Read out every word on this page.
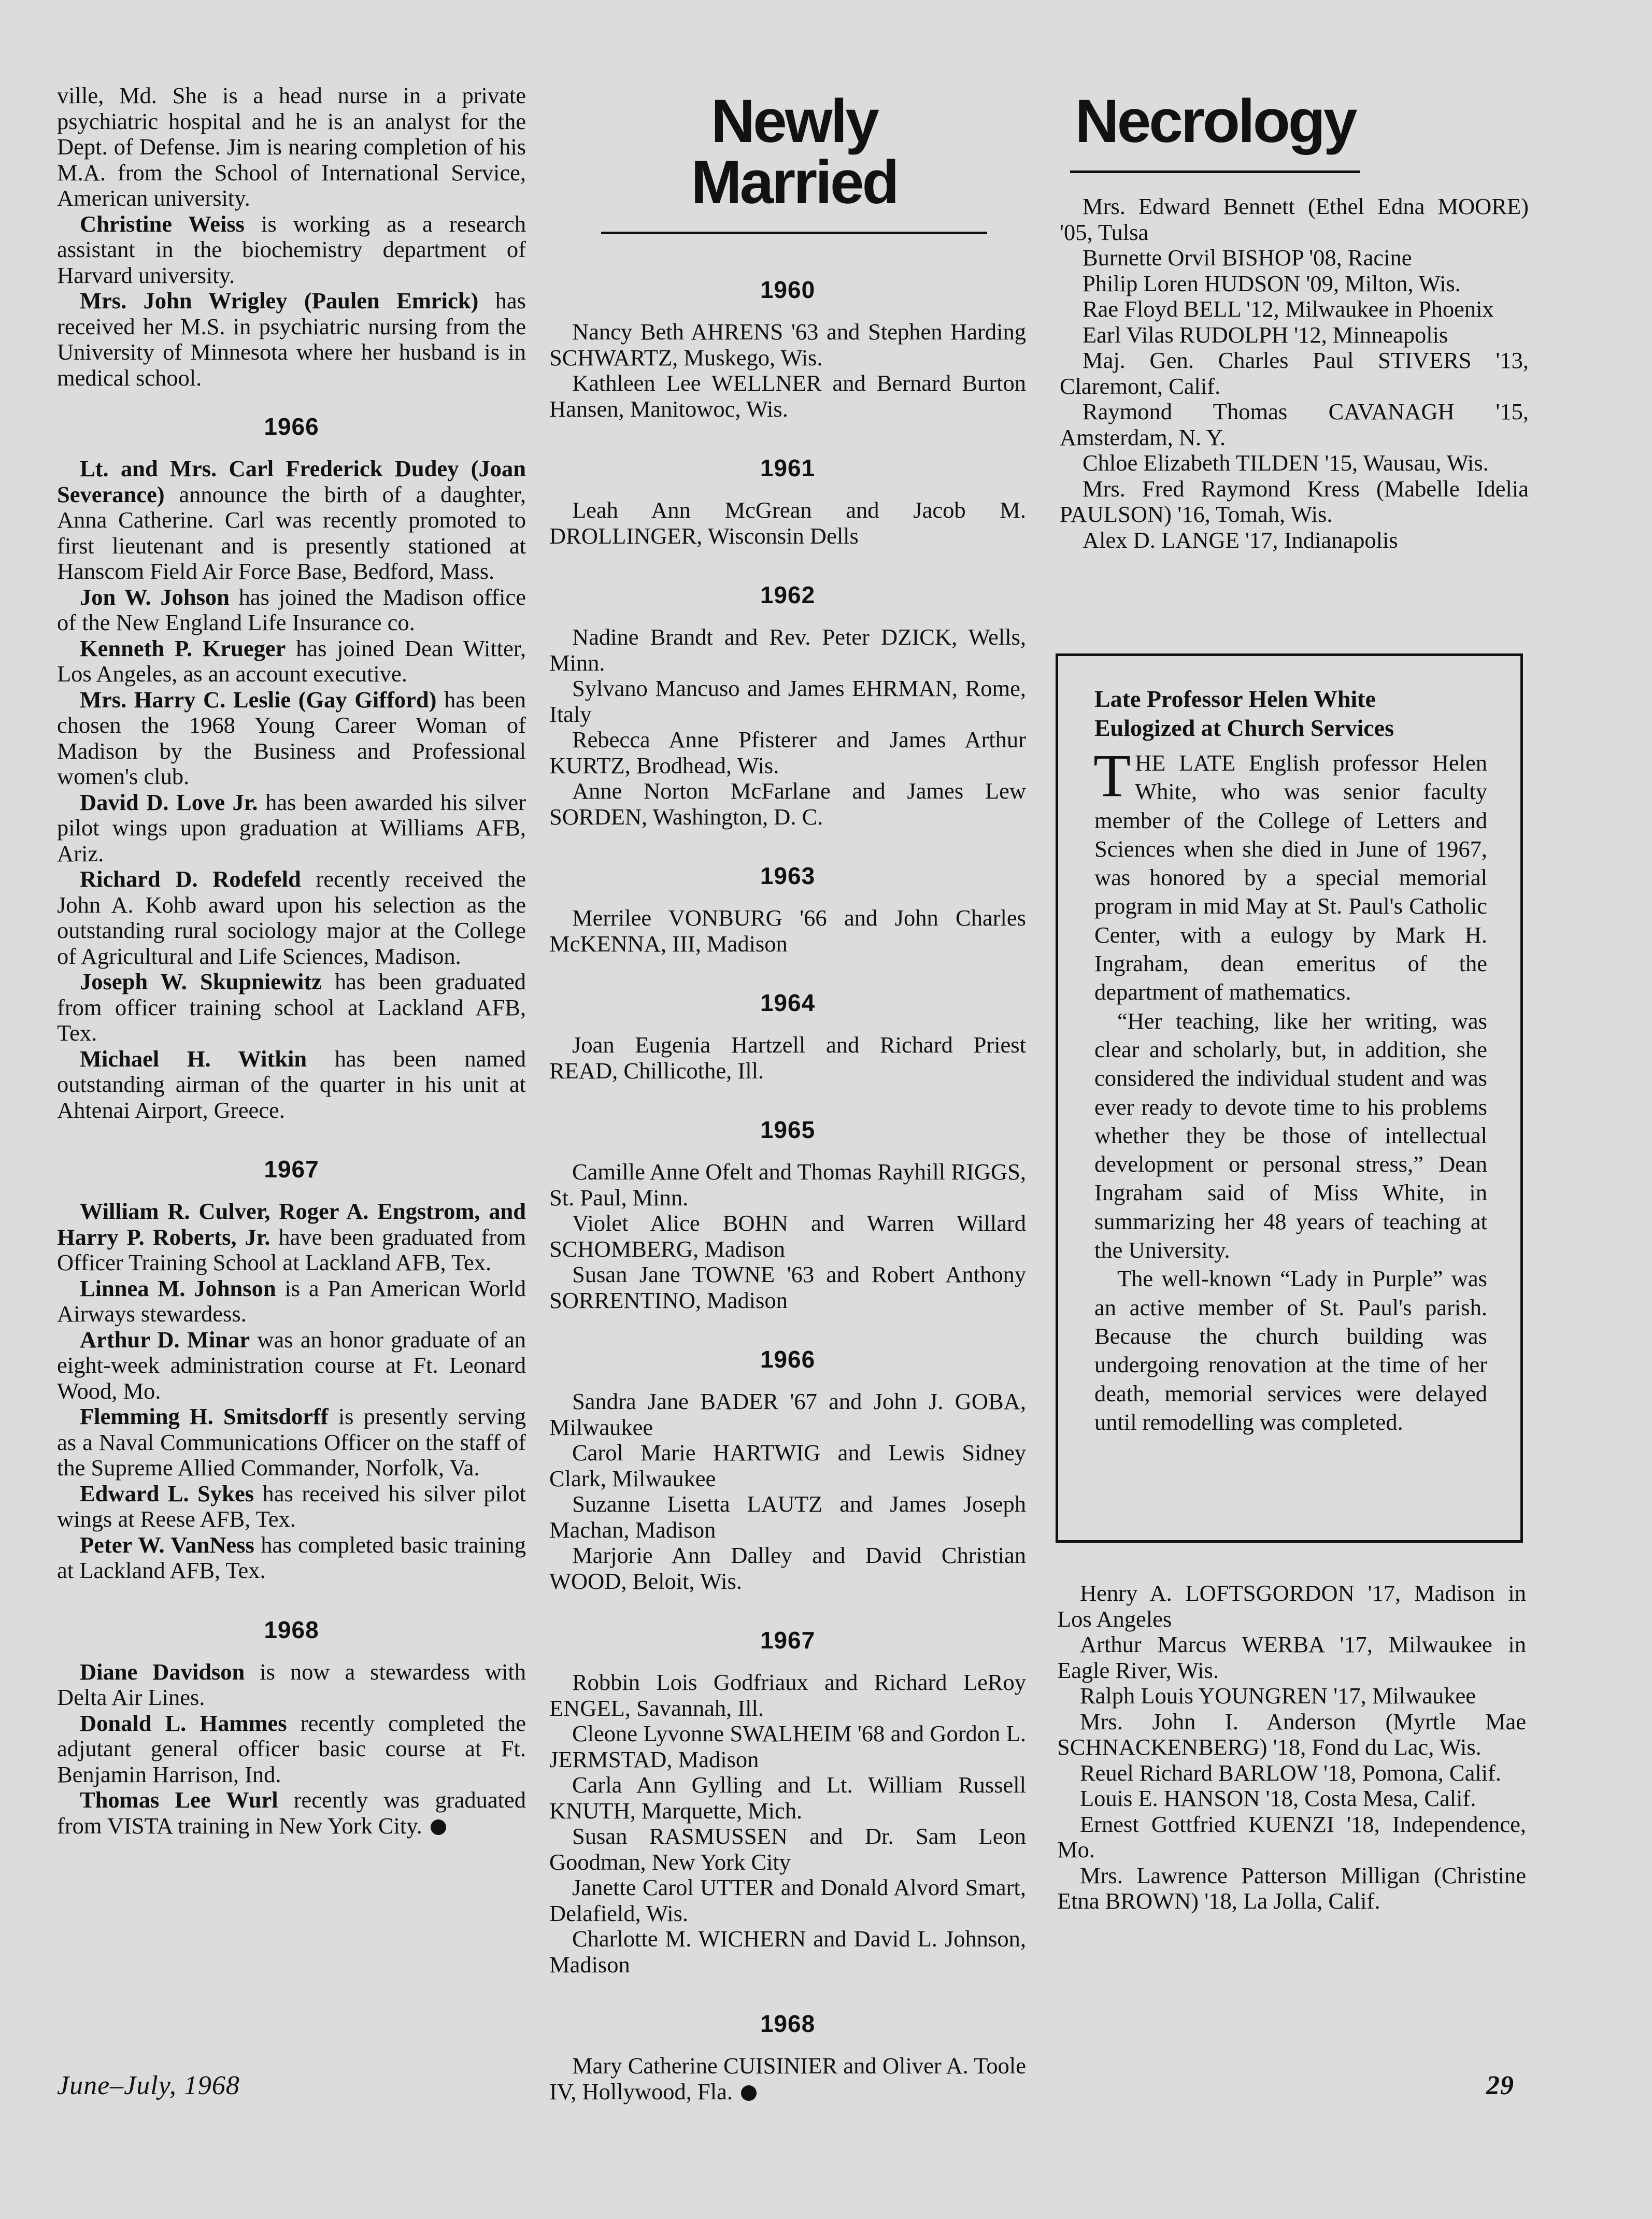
ville, Md. She is a head nurse in a private psychiatric hospital and he is an analyst for the Dept. of Defense. Jim is nearing completion of his M.A. from the School of International Service, American university.

Christine Weiss is working as a research assistant in the biochemistry department of Harvard university.

Mrs. John Wrigley (Paulen Emrick) has received her M.S. in psychiatric nursing from the University of Minnesota where her husband is in medical school.

1966

Lt. and Mrs. Carl Frederick Dudey (Joan Severance) announce the birth of a daughter, Anna Catherine. Carl was recently promoted to first lieutenant and is presently stationed at Hanscom Field Air Force Base, Bedford, Mass.

Jon W. Johson has joined the Madison office of the New England Life Insurance co.

Kenneth P. Krueger has joined Dean Witter, Los Angeles, as an account executive.

Mrs. Harry C. Leslie (Gay Gifford) has been chosen the 1968 Young Career Woman of Madison by the Business and Professional women's club.

David D. Love Jr. has been awarded his silver pilot wings upon graduation at Williams AFB, Ariz.

Richard D. Rodefeld recently received the John A. Kohb award upon his selection as the outstanding rural sociology major at the College of Agricultural and Life Sciences, Madison.

Joseph W. Skupniewitz has been graduated from officer training school at Lackland AFB, Tex.

Michael H. Witkin has been named outstanding airman of the quarter in his unit at Ahtenai Airport, Greece.

1967

William R. Culver, Roger A. Engstrom, and Harry P. Roberts, Jr. have been graduated from Officer Training School at Lackland AFB, Tex.

Linnea M. Johnson is a Pan American World Airways stewardess.

Arthur D. Minar was an honor graduate of an eight-week administration course at Ft. Leonard Wood, Mo.

Flemming H. Smitsdorff is presently serving as a Naval Communications Officer on the staff of the Supreme Allied Commander, Norfolk, Va.

Edward L. Sykes has received his silver pilot wings at Reese AFB, Tex.

Peter W. VanNess has completed basic training at Lackland AFB, Tex.

1968

Diane Davidson is now a stewardess with Delta Air Lines.

Donald L. Hammes recently completed the adjutant general officer basic course at Ft. Benjamin Harrison, Ind.

Thomas Lee Wurl recently was graduated from VISTA training in New York City.

Newly Married
1960

Nancy Beth AHRENS '63 and Stephen Harding SCHWARTZ, Muskego, Wis.

Kathleen Lee WELLNER and Bernard Burton Hansen, Manitowoc, Wis.

1961

Leah Ann McGrean and Jacob M. DROLLINGER, Wisconsin Dells

1962

Nadine Brandt and Rev. Peter DZICK, Wells, Minn.

Sylvano Mancuso and James EHRMAN, Rome, Italy

Rebecca Anne Pfisterer and James Arthur KURTZ, Brodhead, Wis.

Anne Norton McFarlane and James Lew SORDEN, Washington, D. C.

1963

Merrilee VONBURG '66 and John Charles McKENNA, III, Madison

1964

Joan Eugenia Hartzell and Richard Priest READ, Chillicothe, Ill.

1965

Camille Anne Ofelt and Thomas Rayhill RIGGS, St. Paul, Minn.

Violet Alice BOHN and Warren Willard SCHOMBERG, Madison

Susan Jane TOWNE '63 and Robert Anthony SORRENTINO, Madison

1966

Sandra Jane BADER '67 and John J. GOBA, Milwaukee

Carol Marie HARTWIG and Lewis Sidney Clark, Milwaukee

Suzanne Lisetta LAUTZ and James Joseph Machan, Madison

Marjorie Ann Dalley and David Christian WOOD, Beloit, Wis.

1967

Robbin Lois Godfriaux and Richard LeRoy ENGEL, Savannah, Ill.

Cleone Lyvonne SWALHEIM '68 and Gordon L. JERMSTAD, Madison

Carla Ann Gylling and Lt. William Russell KNUTH, Marquette, Mich.

Susan RASMUSSEN and Dr. Sam Leon Goodman, New York City

Janette Carol UTTER and Donald Alvord Smart, Delafield, Wis.

Charlotte M. WICHERN and David L. Johnson, Madison

1968

Mary Catherine CUISINIER and Oliver A. Toole IV, Hollywood, Fla.

Necrology

Mrs. Edward Bennett (Ethel Edna MOORE) '05, Tulsa

Burnette Orvil BISHOP '08, Racine

Philip Loren HUDSON '09, Milton, Wis.

Rae Floyd BELL '12, Milwaukee in Phoenix

Earl Vilas RUDOLPH '12, Minneapolis

Maj. Gen. Charles Paul STIVERS '13, Claremont, Calif.

Raymond Thomas CAVANAGH '15, Amsterdam, N. Y.

Chloe Elizabeth TILDEN '15, Wausau, Wis.

Mrs. Fred Raymond Kress (Mabelle Idelia PAULSON) '16, Tomah, Wis.

Alex D. LANGE '17, Indianapolis

Late Professor Helen White
Eulogized at Church Services

THE LATE English professor Helen White, who was senior faculty member of the College of Letters and Sciences when she died in June of 1967, was honored by a special memorial program in mid May at St. Paul's Catholic Center, with a eulogy by Mark H. Ingraham, dean emeritus of the department of mathematics.

“Her teaching, like her writing, was clear and scholarly, but, in addition, she considered the individual student and was ever ready to devote time to his problems whether they be those of intellectual development or personal stress,” Dean Ingraham said of Miss White, in summarizing her 48 years of teaching at the University.

The well-known “Lady in Purple” was an active member of St. Paul's parish. Because the church building was undergoing renovation at the time of her death, memorial services were delayed until remodelling was completed.

Henry A. LOFTSGORDON '17, Madison in Los Angeles

Arthur Marcus WERBA '17, Milwaukee in Eagle River, Wis.

Ralph Louis YOUNGREN '17, Milwaukee

Mrs. John I. Anderson (Myrtle Mae SCHNACKENBERG) '18, Fond du Lac, Wis.

Reuel Richard BARLOW '18, Pomona, Calif.

Louis E. HANSON '18, Costa Mesa, Calif.

Ernest Gottfried KUENZI '18, Independence, Mo.

Mrs. Lawrence Patterson Milligan (Christine Etna BROWN) '18, La Jolla, Calif.

June–July, 1968	29
